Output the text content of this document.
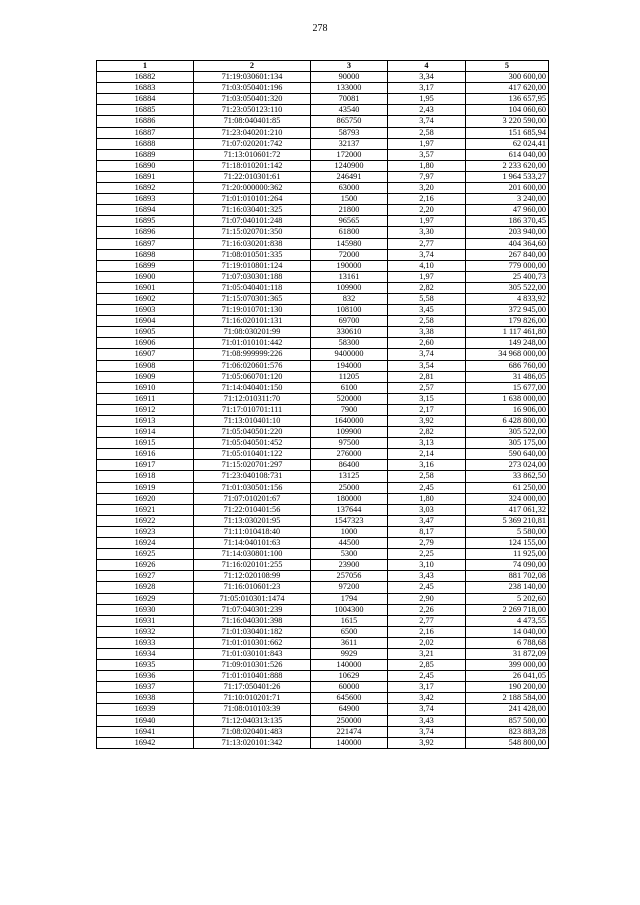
278
1	2	3	4	5
16882	71:19:030601:134	90000	3,34	300 600,00
16883	71:03:050401:196	133000	3,17	417 620,00
16884	71:03:050401:320	70081	1,95	136 657,95
16885	71:23:050123:110	43540	2,43	104 060,60
16886	71:08:040401:85	865750	3,74	3 220 590,00
16887	71:23:040201:210	58793	2,58	151 685,94
16888	71:07:020201:742	32137	1,97	62 024,41
16889	71:13:010601:72	172000	3,57	614 040,00
16890	71:18:010201:142	1240900	1,80	2 233 620,00
16891	71:22:010301:61	246491	7,97	1 964 533,27
16892	71:20:000000:362	63000	3,20	201 600,00
16893	71:01:010101:264	1500	2,16	3 240,00
16894	71:16:030401:325	21800	2,20	47 960,00
16895	71:07:040101:248	96565	1,97	186 370,45
16896	71:15:020701:350	61800	3,30	203 940,00
16897	71:16:030201:838	145980	2,77	404 364,60
16898	71:08:010501:335	72000	3,74	267 840,00
16899	71:19:010801:124	190000	4,10	779 000,00
16900	71:07:030301:188	13161	1,97	25 400,73
16901	71:05:040401:118	109900	2,82	305 522,00
16902	71:15:070301:365	832	5,58	4 833,92
16903	71:19:010701:130	108100	3,45	372 945,00
16904	71:16:020101:131	69700	2,58	179 826,00
16905	71:08:030201:99	330610	3,38	1 117 461,80
16906	71:01:010101:442	58300	2,60	149 248,00
16907	71:08:999999:226	9400000	3,74	34 968 000,00
16908	71:06:020601:576	194000	3,54	686 760,00
16909	71:05:060701:120	11205	2,81	31 486,05
16910	71:14:040401:150	6100	2,57	15 677,00
16911	71:12:010311:70	520000	3,15	1 638 000,00
16912	71:17:010701:111	7900	2,17	16 906,00
16913	71:13:010401:10	1640000	3,92	6 428 800,00
16914	71:05:040501:220	109900	2,82	305 522,00
16915	71:05:040501:452	97500	3,13	305 175,00
16916	71:05:010401:122	276000	2,14	590 640,00
16917	71:15:020701:297	86400	3,16	273 024,00
16918	71:23:040108:731	13125	2,58	33 862,50
16919	71:01:030501:156	25000	2,45	61 250,00
16920	71:07:010201:67	180000	1,80	324 000,00
16921	71:22:010401:56	137644	3,03	417 061,32
16922	71:13:030201:95	1547323	3,47	5 369 210,81
16923	71:11:010418:40	1000	8,17	5 580,00
16924	71:14:040101:63	44500	2,79	124 155,00
16925	71:14:030801:100	5300	2,25	11 925,00
16926	71:16:020101:255	23900	3,10	74 090,00
16927	71:12:020108:99	257056	3,43	881 702,08
16928	71:16:010601:23	97200	2,45	238 140,00
16929	71:05:010301:1474	1794	2,90	5 202,60
16930	71:07:040301:239	1004300	2,26	2 269 718,00
16931	71:16:040301:398	1615	2,77	4 473,55
16932	71:01:030401:182	6500	2,16	14 040,00
16933	71:01:010301:662	3611	2,02	6 788,68
16934	71:01:030101:843	9929	3,21	31 872,09
16935	71:09:010301:526	140000	2,85	399 000,00
16936	71:01:010401:888	10629	2,45	26 041,05
16937	71:17:050401:26	60000	3,17	190 200,00
16938	71:10:010201:71	645600	3,42	2 188 584,00
16939	71:08:010103:39	64900	3,74	241 428,00
16940	71:12:040313:135	250000	3,43	857 500,00
16941	71:08:020401:483	221474	3,74	823 883,28
16942	71:13:020101:342	140000	3,92	548 800,00
